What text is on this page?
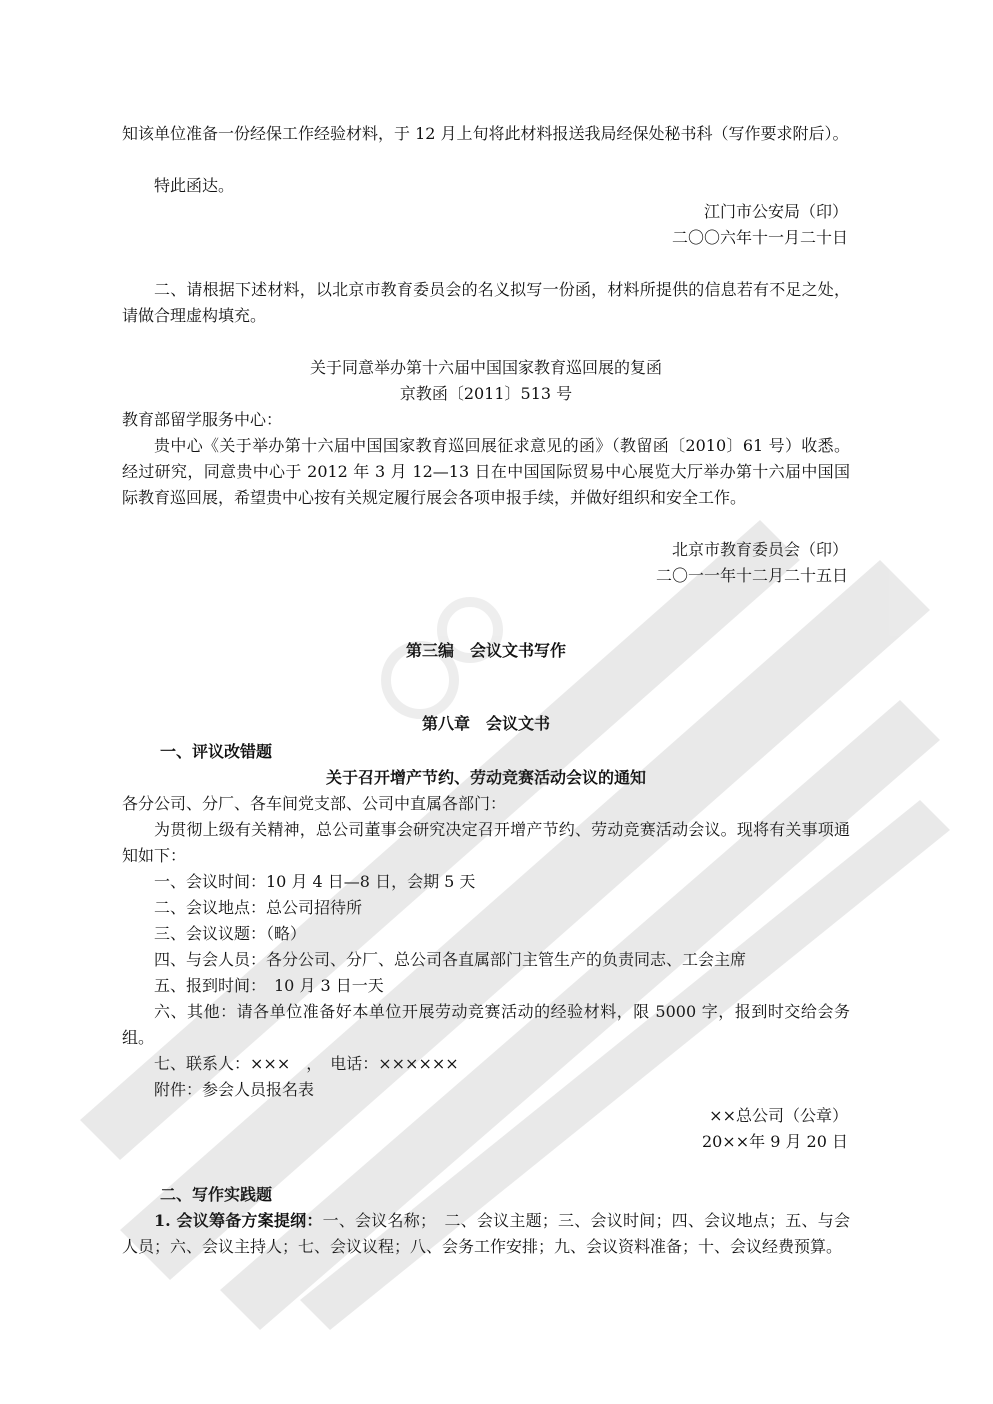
知该单位准备一份经保工作经验材料，于 12 月上旬将此材料报送我局经保处秘书科（写作要求附后）。
特此函达。
江门市公安局（印）
二〇〇六年十一月二十日
二、请根据下述材料，以北京市教育委员会的名义拟写一份函，材料所提供的信息若有不足之处，请做合理虚构填充。
关于同意举办第十六届中国国家教育巡回展的复函
京教函〔2011〕513 号
教育部留学服务中心：
贵中心《关于举办第十六届中国国家教育巡回展征求意见的函》（教留函〔2010〕61 号）收悉。经过研究，同意贵中心于 2012 年 3 月 12—13 日在中国国际贸易中心展览大厅举办第十六届中国国际教育巡回展，希望贵中心按有关规定履行展会各项申报手续，并做好组织和安全工作。
北京市教育委员会（印）
二〇一一年十二月二十五日
第三编　会议文书写作
第八章　会议文书
一、评议改错题
关于召开增产节约、劳动竞赛活动会议的通知
各分公司、分厂、各车间党支部、公司中直属各部门：
为贯彻上级有关精神，总公司董事会研究决定召开增产节约、劳动竞赛活动会议。现将有关事项通知如下：
一、会议时间：10 月 4 日—8 日，会期 5 天
二、会议地点：总公司招待所
三、会议议题：（略）
四、与会人员：各分公司、分厂、总公司各直属部门主管生产的负责同志、工会主席
五、报到时间：　10 月 3 日一天
六、其他：请各单位准备好本单位开展劳动竞赛活动的经验材料，限 5000 字，报到时交给会务组。
七、联系人：×××　，　电话：××××××
附件：参会人员报名表
××总公司（公章）
20××年 9 月 20 日
二、写作实践题
1. 会议筹备方案提纲：一、会议名称；　二、会议主题；三、会议时间；四、会议地点；五、与会人员；六、会议主持人；七、会议议程；八、会务工作安排；九、会议资料准备；十、会议经费预算。
